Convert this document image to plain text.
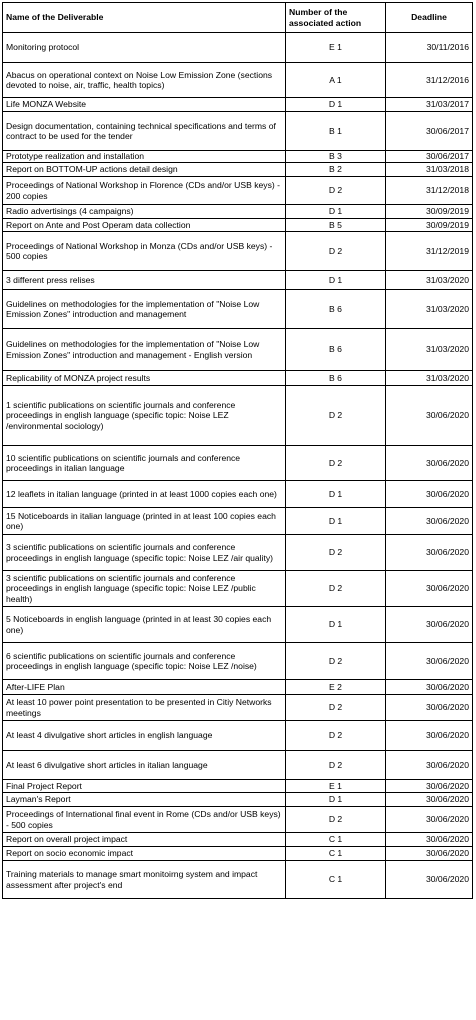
Name of the Deliverable	Number of the associated action	Deadline
Monitoring protocol	E 1	30/11/2016
Abacus on operational context on Noise Low Emission Zone (sections devoted to noise, air, traffic, health topics)	A 1	31/12/2016
Life MONZA Website	D 1	31/03/2017
Design documentation, containing technical specifications and terms of contract to be used for the tender	B 1	30/06/2017
Prototype realization and installation	B 3	30/06/2017
Report on BOTTOM-UP actions detail design	B 2	31/03/2018
Proceedings of National Workshop in Florence (CDs and/or USB keys) - 200 copies	D 2	31/12/2018
Radio advertisings (4 campaigns)	D 1	30/09/2019
Report on Ante and Post Operam data collection	B 5	30/09/2019
Proceedings of National Workshop in Monza (CDs and/or USB keys) - 500 copies	D 2	31/12/2019
3 different press relises	D 1	31/03/2020
Guidelines on methodologies for the implementation of "Noise Low Emission Zones" introduction and management	B 6	31/03/2020
Guidelines on methodologies for the implementation of "Noise Low Emission Zones" introduction and management - English version	B 6	31/03/2020
Replicability of MONZA project results	B 6	31/03/2020
1 scientific publications on scientific journals and conference proceedings in english language (specific topic: Noise LEZ /environmental sociology)	D 2	30/06/2020
10 scientific publications on scientific journals and conference proceedings in italian language	D 2	30/06/2020
12 leaflets in italian language (printed in at least 1000 copies each one)	D 1	30/06/2020
15 Noticeboards in italian language (printed in at least 100 copies each one)	D 1	30/06/2020
3 scientific publications on scientific journals and conference proceedings in english language (specific topic: Noise LEZ /air quality)	D 2	30/06/2020
3 scientific publications on scientific journals and conference proceedings in english language (specific topic: Noise LEZ /public health)	D 2	30/06/2020
5 Noticeboards in english language (printed in at least 30 copies each one)	D 1	30/06/2020
6 scientific publications on scientific journals and conference proceedings in english language (specific topic: Noise LEZ /noise)	D 2	30/06/2020
After-LIFE Plan	E 2	30/06/2020
At least 10 power point presentation to be presented in Citiy Networks meetings	D 2	30/06/2020
At least 4 divulgative short articles in english language	D 2	30/06/2020
At least 6 divulgative short articles in italian language	D 2	30/06/2020
Final Project Report	E 1	30/06/2020
Layman's Report	D 1	30/06/2020
Proceedings of International final event in Rome (CDs and/or USB keys) - 500 copies	D 2	30/06/2020
Report on overall project impact	C 1	30/06/2020
Report on socio economic impact	C 1	30/06/2020
Training materials to manage smart monitoirng system and impact assessment after project's end	C 1	30/06/2020
